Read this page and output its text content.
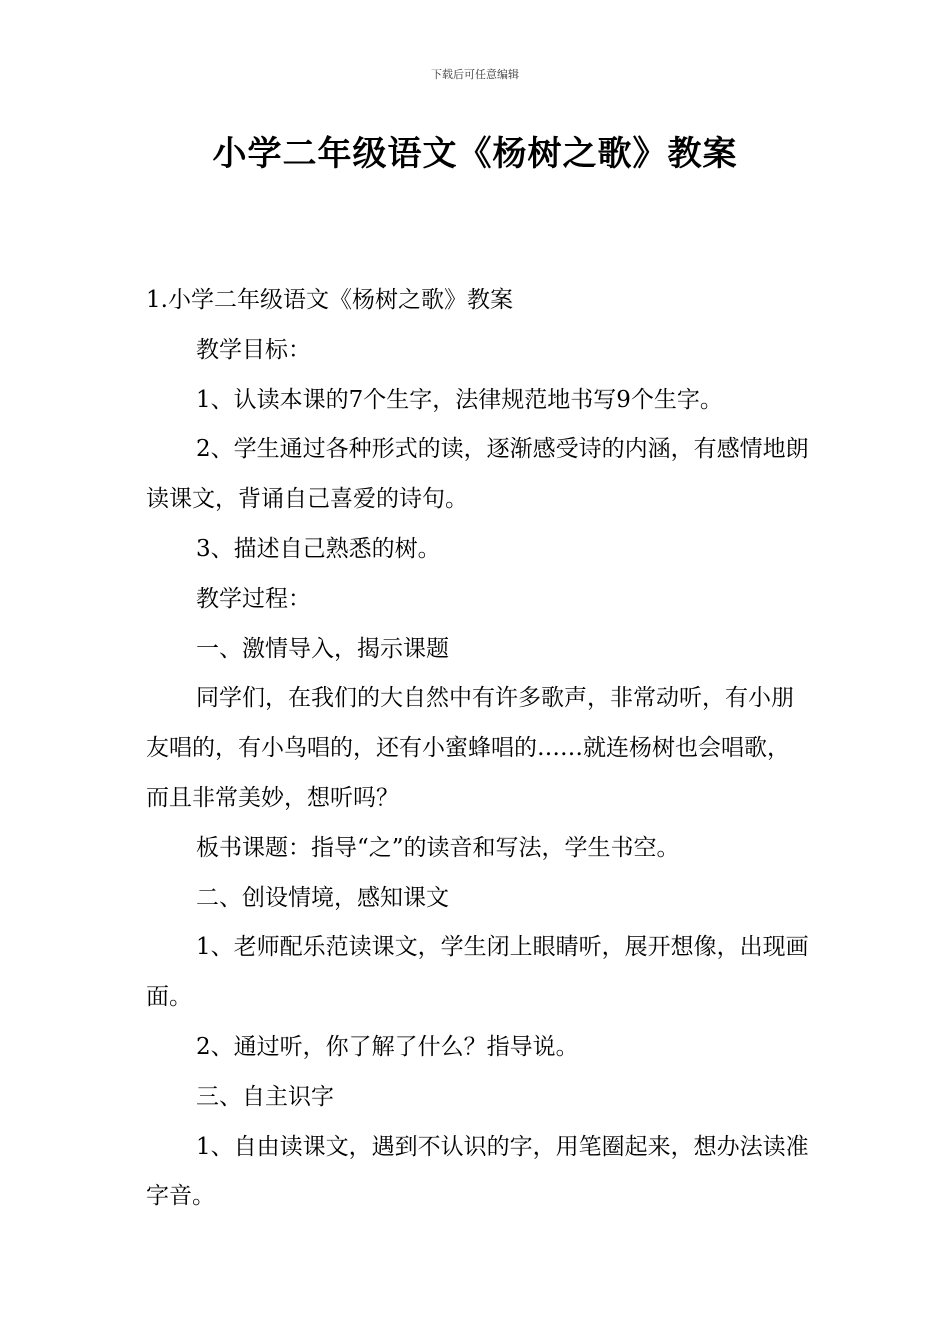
下载后可任意编辑
小学二年级语文《杨树之歌》教案

1.小学二年级语文《杨树之歌》教案

教学目标：

1、认读本课的7个生字，法律规范地书写9个生字。

2、学生通过各种形式的读，逐渐感受诗的内涵，有感情地朗读课文，背诵自己喜爱的诗句。

3、描述自己熟悉的树。

教学过程：

一、激情导入，揭示课题

同学们，在我们的大自然中有许多歌声，非常动听，有小朋友唱的，有小鸟唱的，还有小蜜蜂唱的……就连杨树也会唱歌，而且非常美妙，想听吗？

板书课题：指导“之”的读音和写法，学生书空。

二、创设情境，感知课文

1、老师配乐范读课文，学生闭上眼睛听，展开想像，出现画面。

2、通过听，你了解了什么？指导说。

三、自主识字

1、自由读课文，遇到不认识的字，用笔圈起来，想办法读准字音。
